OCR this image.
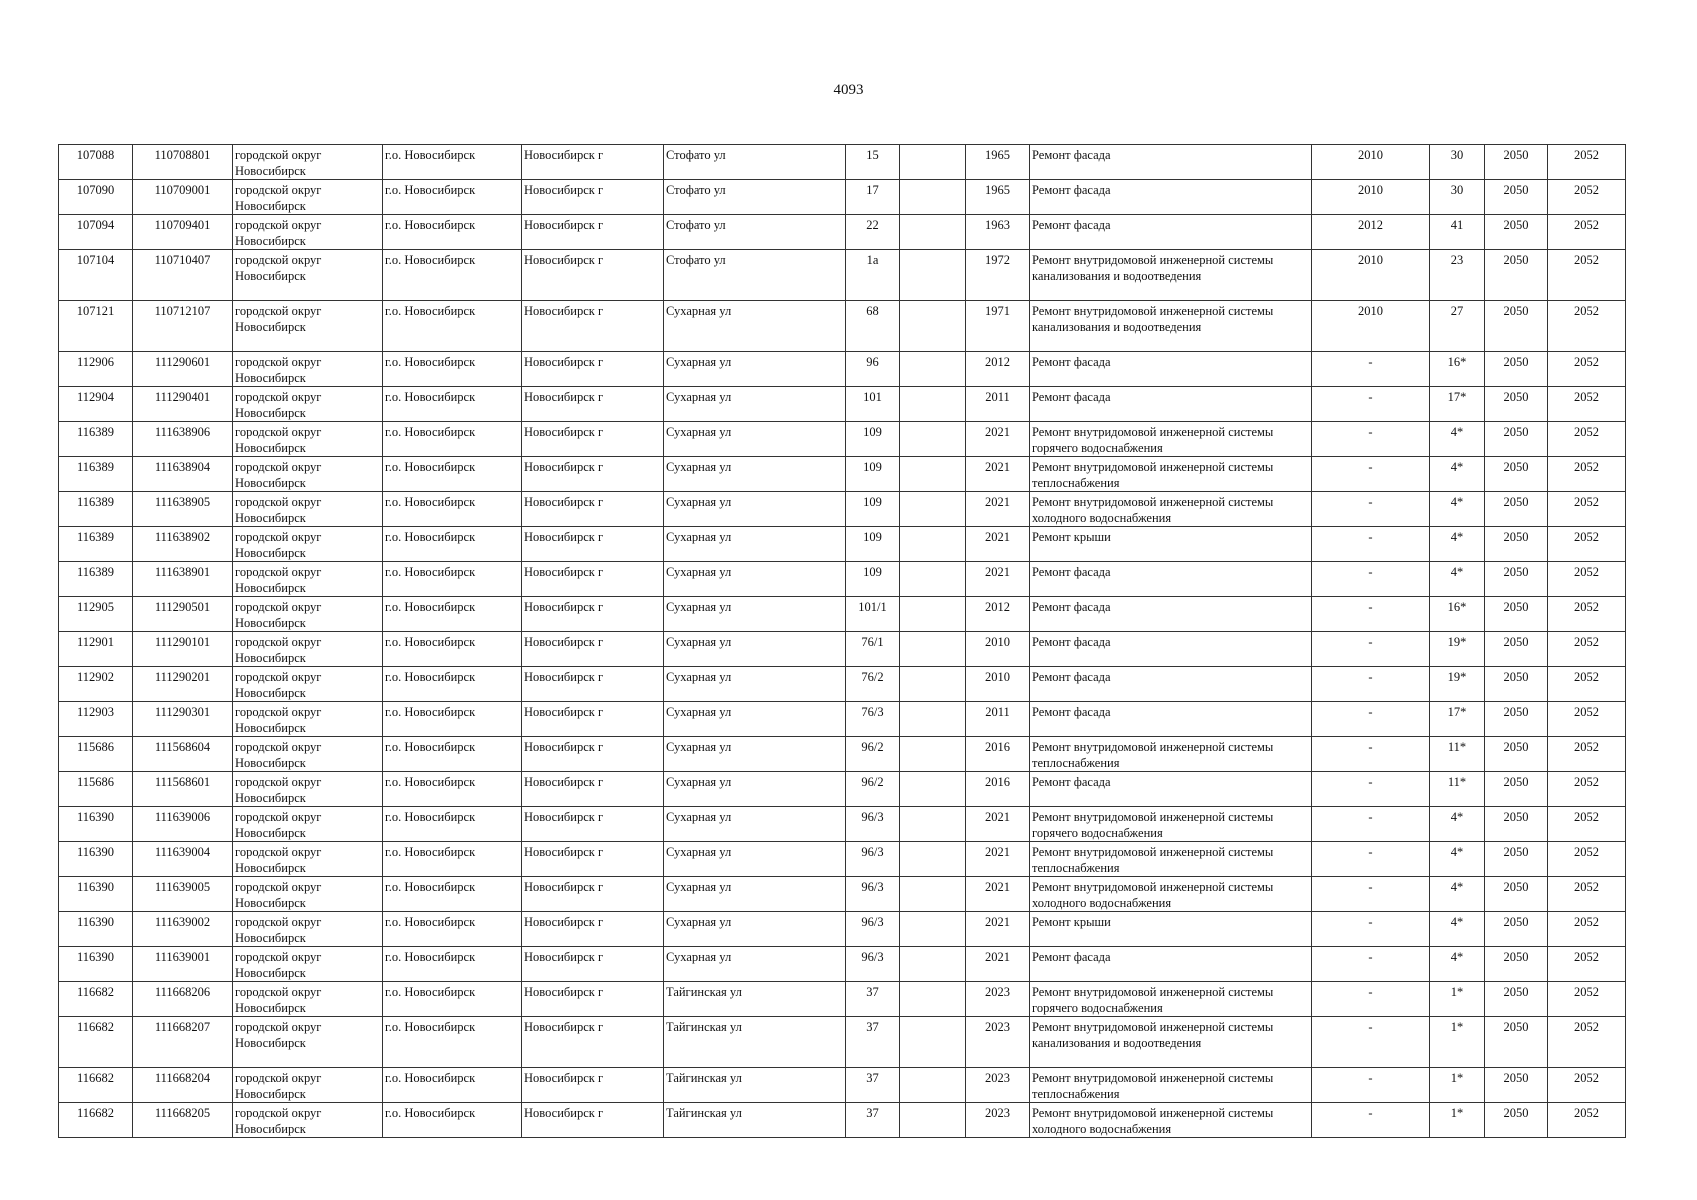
4093
107088	110708801	городской округ Новосибирск	г.о. Новосибирск	Новосибирск г	Стофато ул	15		1965	Ремонт фасада	2010	30	2050	2052
107090	110709001	городской округ Новосибирск	г.о. Новосибирск	Новосибирск г	Стофато ул	17		1965	Ремонт фасада	2010	30	2050	2052
107094	110709401	городской округ Новосибирск	г.о. Новосибирск	Новосибирск г	Стофато ул	22		1963	Ремонт фасада	2012	41	2050	2052
107104	110710407	городской округ Новосибирск	г.о. Новосибирск	Новосибирск г	Стофато ул	1а		1972	Ремонт внутридомовой инженерной системы канализования и водоотведения	2010	23	2050	2052
107121	110712107	городской округ Новосибирск	г.о. Новосибирск	Новосибирск г	Сухарная ул	68		1971	Ремонт внутридомовой инженерной системы канализования и водоотведения	2010	27	2050	2052
112906	111290601	городской округ Новосибирск	г.о. Новосибирск	Новосибирск г	Сухарная ул	96		2012	Ремонт фасада	-	16*	2050	2052
112904	111290401	городской округ Новосибирск	г.о. Новосибирск	Новосибирск г	Сухарная ул	101		2011	Ремонт фасада	-	17*	2050	2052
116389	111638906	городской округ Новосибирск	г.о. Новосибирск	Новосибирск г	Сухарная ул	109		2021	Ремонт внутридомовой инженерной системы горячего водоснабжения	-	4*	2050	2052
116389	111638904	городской округ Новосибирск	г.о. Новосибирск	Новосибирск г	Сухарная ул	109		2021	Ремонт внутридомовой инженерной системы теплоснабжения	-	4*	2050	2052
116389	111638905	городской округ Новосибирск	г.о. Новосибирск	Новосибирск г	Сухарная ул	109		2021	Ремонт внутридомовой инженерной системы холодного водоснабжения	-	4*	2050	2052
116389	111638902	городской округ Новосибирск	г.о. Новосибирск	Новосибирск г	Сухарная ул	109		2021	Ремонт крыши	-	4*	2050	2052
116389	111638901	городской округ Новосибирск	г.о. Новосибирск	Новосибирск г	Сухарная ул	109		2021	Ремонт фасада	-	4*	2050	2052
112905	111290501	городской округ Новосибирск	г.о. Новосибирск	Новосибирск г	Сухарная ул	101/1		2012	Ремонт фасада	-	16*	2050	2052
112901	111290101	городской округ Новосибирск	г.о. Новосибирск	Новосибирск г	Сухарная ул	76/1		2010	Ремонт фасада	-	19*	2050	2052
112902	111290201	городской округ Новосибирск	г.о. Новосибирск	Новосибирск г	Сухарная ул	76/2		2010	Ремонт фасада	-	19*	2050	2052
112903	111290301	городской округ Новосибирск	г.о. Новосибирск	Новосибирск г	Сухарная ул	76/3		2011	Ремонт фасада	-	17*	2050	2052
115686	111568604	городской округ Новосибирск	г.о. Новосибирск	Новосибирск г	Сухарная ул	96/2		2016	Ремонт внутридомовой инженерной системы теплоснабжения	-	11*	2050	2052
115686	111568601	городской округ Новосибирск	г.о. Новосибирск	Новосибирск г	Сухарная ул	96/2		2016	Ремонт фасада	-	11*	2050	2052
116390	111639006	городской округ Новосибирск	г.о. Новосибирск	Новосибирск г	Сухарная ул	96/3		2021	Ремонт внутридомовой инженерной системы горячего водоснабжения	-	4*	2050	2052
116390	111639004	городской округ Новосибирск	г.о. Новосибирск	Новосибирск г	Сухарная ул	96/3		2021	Ремонт внутридомовой инженерной системы теплоснабжения	-	4*	2050	2052
116390	111639005	городской округ Новосибирск	г.о. Новосибирск	Новосибирск г	Сухарная ул	96/3		2021	Ремонт внутридомовой инженерной системы холодного водоснабжения	-	4*	2050	2052
116390	111639002	городской округ Новосибирск	г.о. Новосибирск	Новосибирск г	Сухарная ул	96/3		2021	Ремонт крыши	-	4*	2050	2052
116390	111639001	городской округ Новосибирск	г.о. Новосибирск	Новосибирск г	Сухарная ул	96/3		2021	Ремонт фасада	-	4*	2050	2052
116682	111668206	городской округ Новосибирск	г.о. Новосибирск	Новосибирск г	Тайгинская ул	37		2023	Ремонт внутридомовой инженерной системы горячего водоснабжения	-	1*	2050	2052
116682	111668207	городской округ Новосибирск	г.о. Новосибирск	Новосибирск г	Тайгинская ул	37		2023	Ремонт внутридомовой инженерной системы канализования и водоотведения	-	1*	2050	2052
116682	111668204	городской округ Новосибирск	г.о. Новосибирск	Новосибирск г	Тайгинская ул	37		2023	Ремонт внутридомовой инженерной системы теплоснабжения	-	1*	2050	2052
116682	111668205	городской округ Новосибирск	г.о. Новосибирск	Новосибирск г	Тайгинская ул	37		2023	Ремонт внутридомовой инженерной системы холодного водоснабжения	-	1*	2050	2052
